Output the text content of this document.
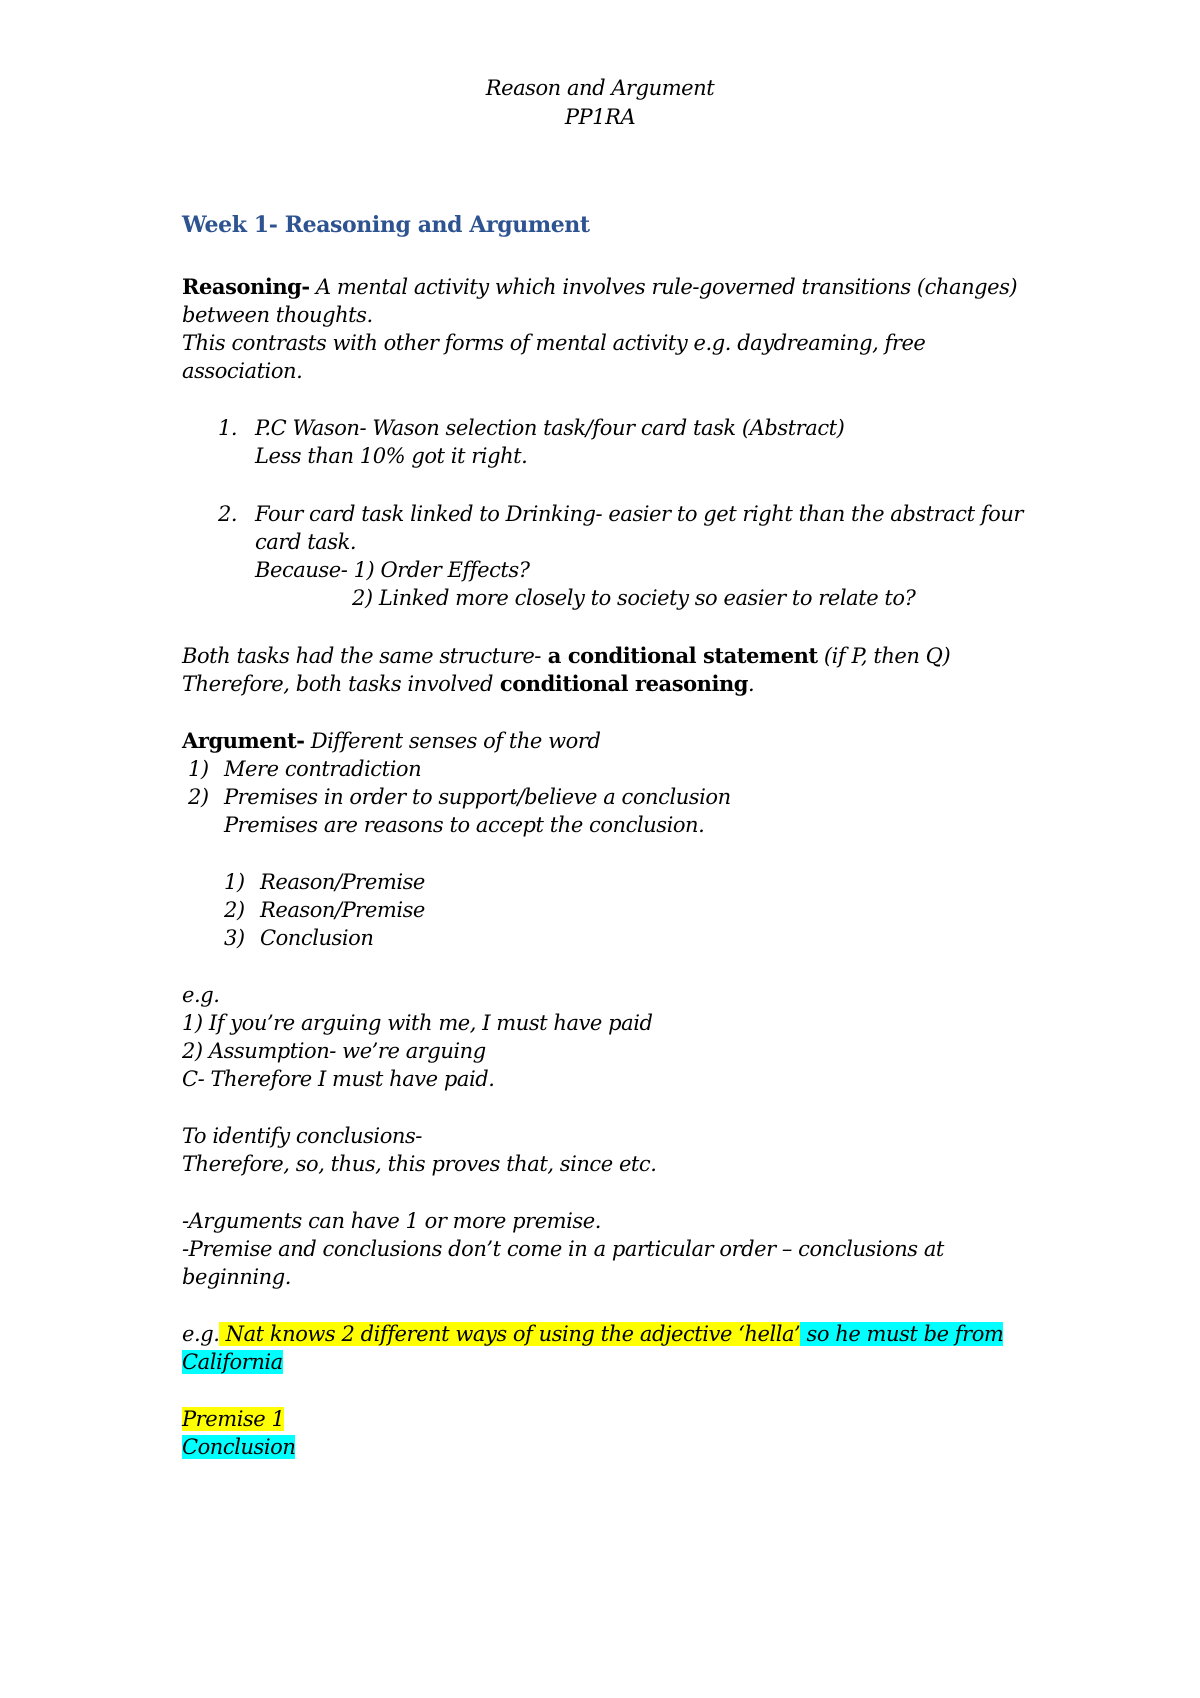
Reason and Argument
PP1RA
Week 1- Reasoning and Argument
Reasoning- A mental activity which involves rule-governed transitions (changes)
between thoughts.
This contrasts with other forms of mental activity e.g. daydreaming, free
association.
1. P.C Wason- Wason selection task/four card task (Abstract)
Less than 10% got it right.
2. Four card task linked to Drinking- easier to get right than the abstract four
card task.
Because- 1) Order Effects?
2) Linked more closely to society so easier to relate to?
Both tasks had the same structure- a conditional statement (if P, then Q)
Therefore, both tasks involved conditional reasoning.
Argument- Different senses of the word
1) Mere contradiction
2) Premises in order to support/believe a conclusion
Premises are reasons to accept the conclusion.
1) Reason/Premise
2) Reason/Premise
3) Conclusion
e.g.
1) If you’re arguing with me, I must have paid
2) Assumption- we’re arguing
C- Therefore I must have paid.
To identify conclusions-
Therefore, so, thus, this proves that, since etc.
-Arguments can have 1 or more premise.
-Premise and conclusions don’t come in a particular order – conclusions at
beginning.
e.g. Nat knows 2 different ways of using the adjective ‘hella’ so he must be from
California
Premise 1
Conclusion
